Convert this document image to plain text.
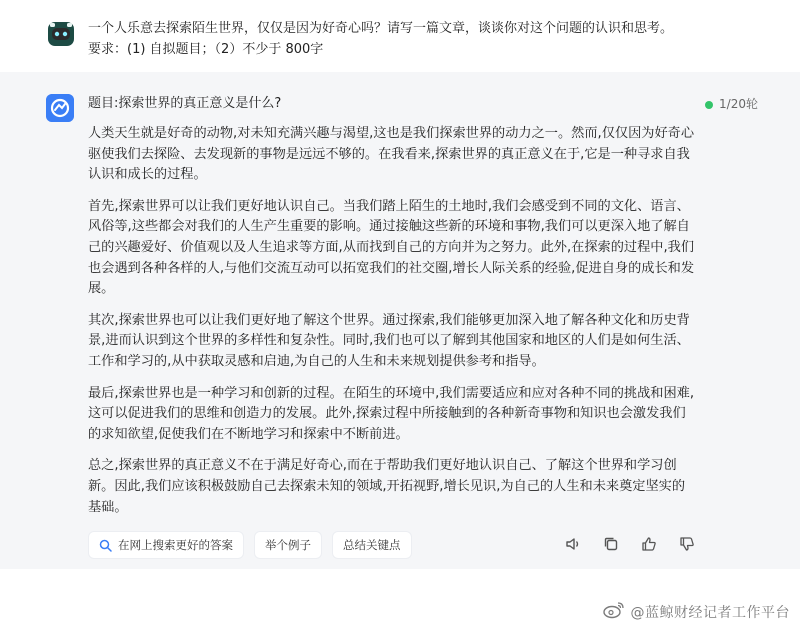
一个人乐意去探索陌生世界，仅仅是因为好奇心吗？请写一篇文章，谈谈你对这个问题的认识和思考。
要求：(1) 自拟题目；（2）不少于 800字
题目:探索世界的真正意义是什么?	1/20轮

人类天生就是好奇的动物,对未知充满兴趣与渴望,这也是我们探索世界的动力之一。然而,仅仅因为好奇心驱使我们去探险、去发现新的事物是远远不够的。在我看来,探索世界的真正意义在于,它是一种寻求自我认识和成长的过程。

首先,探索世界可以让我们更好地认识自己。当我们踏上陌生的土地时,我们会感受到不同的文化、语言、风俗等,这些都会对我们的人生产生重要的影响。通过接触这些新的环境和事物,我们可以更深入地了解自己的兴趣爱好、价值观以及人生追求等方面,从而找到自己的方向并为之努力。此外,在探索的过程中,我们也会遇到各种各样的人,与他们交流互动可以拓宽我们的社交圈,增长人际关系的经验,促进自身的成长和发展。

其次,探索世界也可以让我们更好地了解这个世界。通过探索,我们能够更加深入地了解各种文化和历史背景,进而认识到这个世界的多样性和复杂性。同时,我们也可以了解到其他国家和地区的人们是如何生活、工作和学习的,从中获取灵感和启迪,为自己的人生和未来规划提供参考和指导。

最后,探索世界也是一种学习和创新的过程。在陌生的环境中,我们需要适应和应对各种不同的挑战和困难,这可以促进我们的思维和创造力的发展。此外,探索过程中所接触到的各种新奇事物和知识也会激发我们的求知欲望,促使我们在不断地学习和探索中不断前进。

总之,探索世界的真正意义不在于满足好奇心,而在于帮助我们更好地认识自己、了解这个世界和学习创新。因此,我们应该积极鼓励自己去探索未知的领域,开拓视野,增长见识,为自己的人生和未来奠定坚实的基础。

在网上搜索更好的答案	举个例子	总结关键点
@蓝鲸财经记者工作平台
